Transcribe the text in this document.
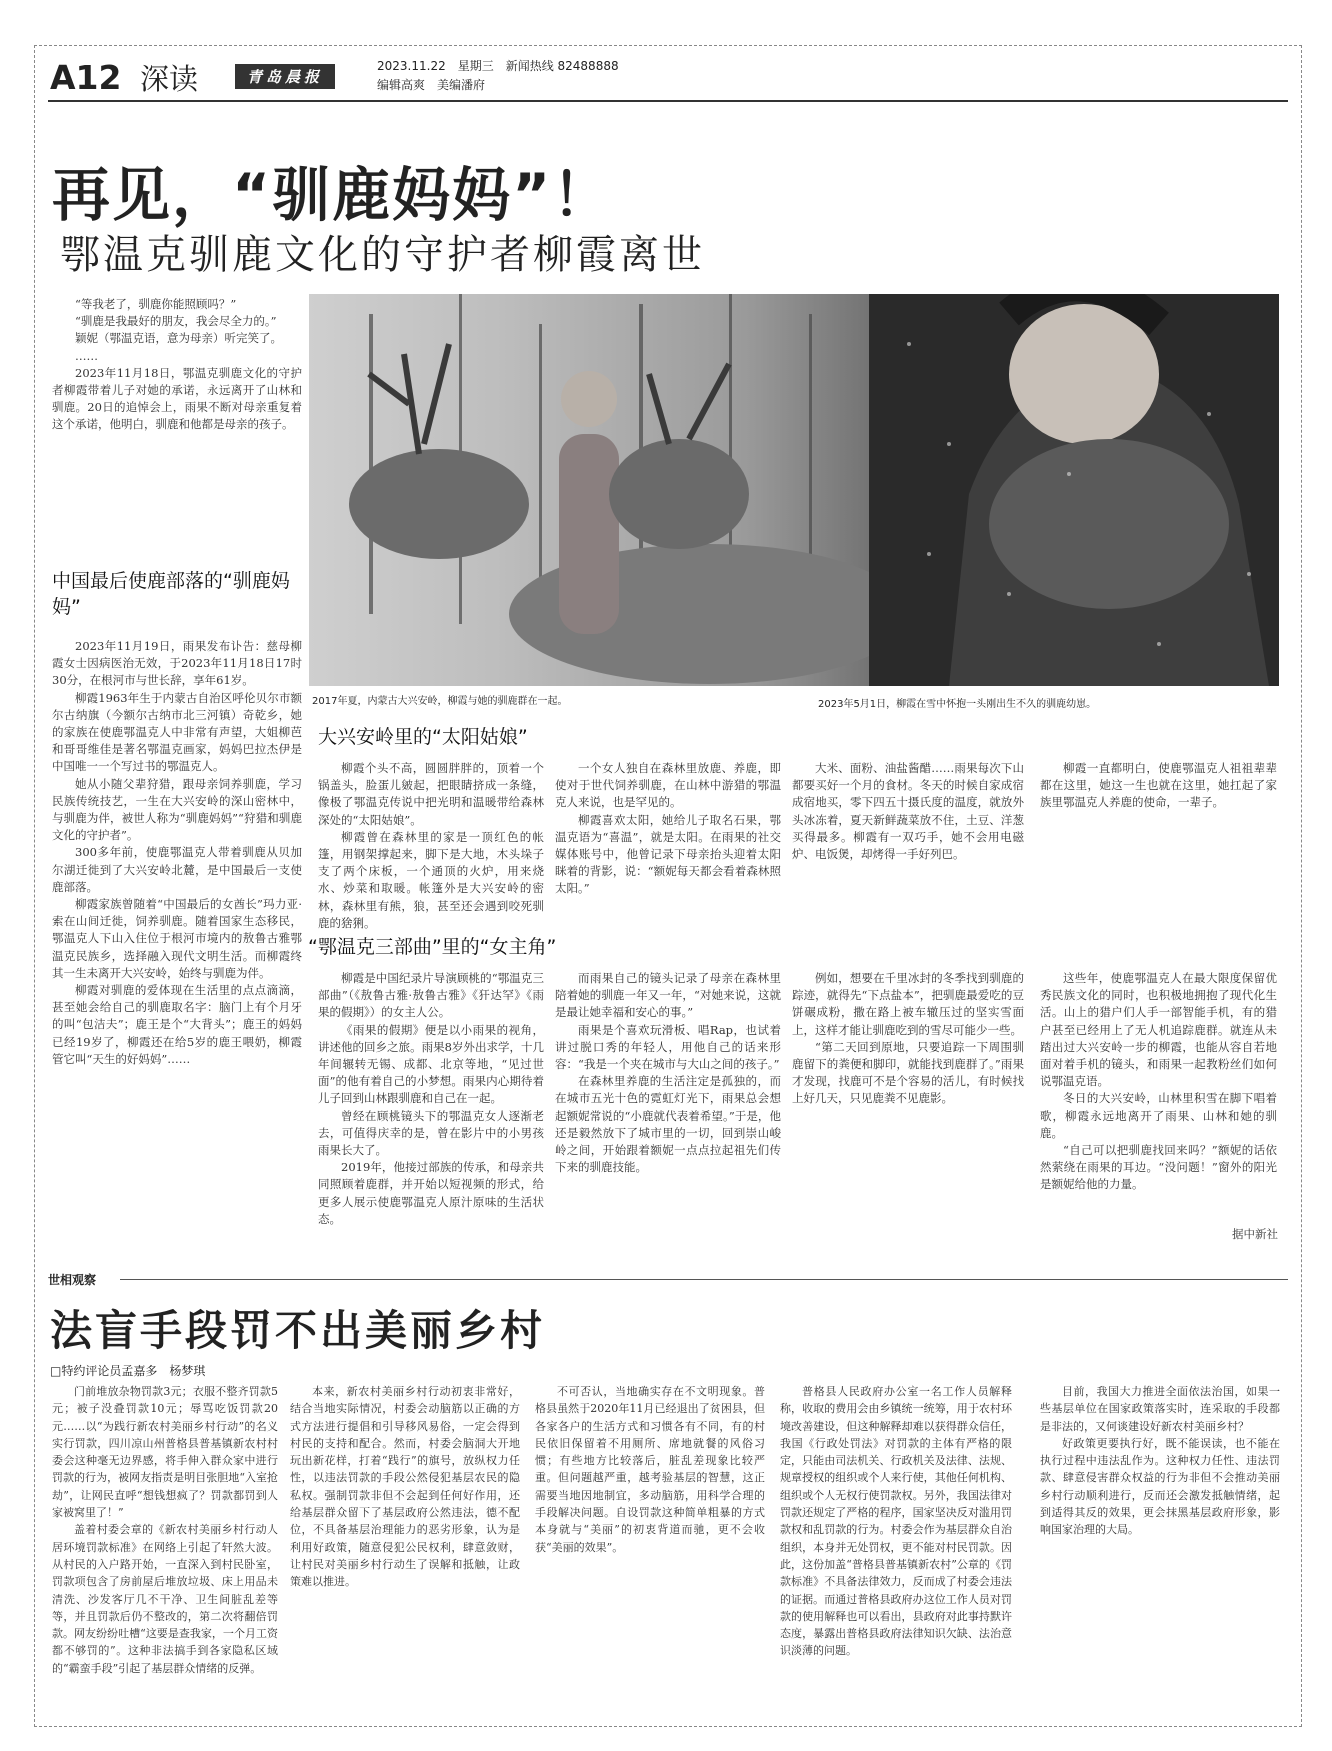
A12 深读	青岛晨报
2023.11.22　星期三　新闻热线 82488888
编辑高爽　美编潘府
再见，“驯鹿妈妈”！
鄂温克驯鹿文化的守护者柳霞离世

“等我老了，驯鹿你能照顾吗？”

“驯鹿是我最好的朋友，我会尽全力的。”

颖妮（鄂温克语，意为母亲）听完笑了。

……

2023年11月18日，鄂温克驯鹿文化的守护者柳霞带着儿子对她的承诺，永远离开了山林和驯鹿。20日的追悼会上，雨果不断对母亲重复着这个承诺，他明白，驯鹿和他都是母亲的孩子。

中国最后使鹿部落的“驯鹿妈妈”

2023年11月19日，雨果发布讣告：慈母柳霞女士因病医治无效，于2023年11月18日17时30分，在根河市与世长辞，享年61岁。

柳霞1963年生于内蒙古自治区呼伦贝尔市额尔古纳旗（今额尔古纳市北三河镇）奇乾乡，她的家族在使鹿鄂温克人中非常有声望，大姐柳芭和哥哥维佳是著名鄂温克画家，妈妈巴拉杰伊是中国唯一一个写过书的鄂温克人。

她从小随父辈狩猎，跟母亲饲养驯鹿，学习民族传统技艺，一生在大兴安岭的深山密林中，与驯鹿为伴，被世人称为“驯鹿妈妈”“狩猎和驯鹿文化的守护者”。

300多年前，使鹿鄂温克人带着驯鹿从贝加尔湖迁徙到了大兴安岭北麓，是中国最后一支使鹿部落。

柳霞家族曾随着“中国最后的女酋长”玛力亚·索在山间迁徙，饲养驯鹿。随着国家生态移民，鄂温克人下山入住位于根河市境内的敖鲁古雅鄂温克民族乡，选择融入现代文明生活。而柳霞终其一生未离开大兴安岭，始终与驯鹿为伴。

柳霞对驯鹿的爱体现在生活里的点点滴滴，甚至她会给自己的驯鹿取名字：脑门上有个月牙的叫“包洁夫”；鹿王是个“大背头”；鹿王的妈妈已经19岁了，柳霞还在给5岁的鹿王喂奶，柳霞管它叫“天生的好妈妈”……

2017年夏，内蒙古大兴安岭，柳霞与她的驯鹿群在一起。	2023年5月1日，柳霞在雪中怀抱一头刚出生不久的驯鹿幼崽。
大兴安岭里的“太阳姑娘”

柳霞个头不高，圆圆胖胖的，顶着一个锅盖头，脸蛋儿皴起，把眼睛挤成一条缝，像极了鄂温克传说中把光明和温暖带给森林深处的“太阳姑娘”。

柳霞曾在森林里的家是一顶红色的帐篷，用钢架撑起来，脚下是大地，木头垛子支了两个床板，一个通顶的火炉，用来烧水、炒菜和取暖。帐篷外是大兴安岭的密林，森林里有熊，狼，甚至还会遇到咬死驯鹿的猞猁。

一个女人独自在森林里放鹿、养鹿，即使对于世代饲养驯鹿，在山林中游猎的鄂温克人来说，也是罕见的。

柳霞喜欢太阳，她给儿子取名石果，鄂温克语为“喜温”，就是太阳。在雨果的社交媒体账号中，他曾记录下母亲抬头迎着太阳眯着的背影，说：“额妮每天都会看着森林照太阳。”

大米、面粉、油盐酱醋……雨果每次下山都要买好一个月的食材。冬天的时候自家成宿成宿地买，零下四五十摄氏度的温度，就放外头冰冻着，夏天新鲜蔬菜放不住，土豆、洋葱买得最多。柳霞有一双巧手，她不会用电磁炉、电饭煲，却烤得一手好列巴。

柳霞一直都明白，使鹿鄂温克人祖祖辈辈都在这里，她这一生也就在这里，她扛起了家族里鄂温克人养鹿的使命，一辈子。

“鄂温克三部曲”里的“女主角”

柳霞是中国纪录片导演顾桃的“鄂温克三部曲”（《敖鲁古雅·敖鲁古雅》《犴达罕》《雨果的假期》）的女主人公。

《雨果的假期》便是以小雨果的视角，讲述他的回乡之旅。雨果8岁外出求学，十几年间辗转无锡、成都、北京等地，“见过世面”的他有着自己的小梦想。雨果内心期待着儿子回到山林跟驯鹿和自己在一起。

曾经在顾桃镜头下的鄂温克女人逐渐老去，可值得庆幸的是，曾在影片中的小男孩雨果长大了。

2019年，他接过部族的传承，和母亲共同照顾着鹿群，并开始以短视频的形式，给更多人展示使鹿鄂温克人原汁原味的生活状态。

而雨果自己的镜头记录了母亲在森林里陪着她的驯鹿一年又一年，“对她来说，这就是最让她幸福和安心的事。”

雨果是个喜欢玩滑板、唱Rap，也试着讲过脱口秀的年轻人，用他自己的话来形容：“我是一个夹在城市与大山之间的孩子。”

在森林里养鹿的生活注定是孤独的，而在城市五光十色的霓虹灯光下，雨果总会想起额妮常说的“小鹿就代表着希望。”于是，他还是毅然放下了城市里的一切，回到崇山峻岭之间，开始跟着额妮一点点拉起祖先们传下来的驯鹿技能。

例如，想要在千里冰封的冬季找到驯鹿的踪迹，就得先“下点盐本”，把驯鹿最爱吃的豆饼碾成粉，撒在路上被车辙压过的坚实雪面上，这样才能让驯鹿吃到的雪尽可能少一些。

“第二天回到原地，只要追踪一下周围驯鹿留下的粪便和脚印，就能找到鹿群了。”雨果才发现，找鹿可不是个容易的活儿，有时候找上好几天，只见鹿粪不见鹿影。

这些年，使鹿鄂温克人在最大限度保留优秀民族文化的同时，也积极地拥抱了现代化生活。山上的猎户们人手一部智能手机，有的猎户甚至已经用上了无人机追踪鹿群。就连从未踏出过大兴安岭一步的柳霞，也能从容自若地面对着手机的镜头，和雨果一起教粉丝们如何说鄂温克语。

冬日的大兴安岭，山林里积雪在脚下唱着歌，柳霞永远地离开了雨果、山林和她的驯鹿。

“自己可以把驯鹿找回来吗？”额妮的话依然萦绕在雨果的耳边。“没问题！”窗外的阳光是额妮给他的力量。

据中新社
世相观察
法盲手段罚不出美丽乡村
□特约评论员孟嘉多　杨梦琪

门前堆放杂物罚款3元；衣服不整齐罚款5元；被子没叠罚款10元；辱骂吃饭罚款20元……以“为践行新农村美丽乡村行动”的名义实行罚款，四川凉山州普格县普基镇新农村村委会这种毫无边界感，将手伸入群众家中进行罚款的行为，被网友指责是明目张胆地“入室抢劫”，让网民直呼“想钱想疯了？罚款都罚到人家被窝里了！”

盖着村委会章的《新农村美丽乡村行动人居环境罚款标准》在网络上引起了轩然大波。从村民的入户路开始，一直深入到村民卧室，罚款项包含了房前屋后堆放垃圾、床上用品未清洗、沙发客厅几不干净、卫生间脏乱差等等，并且罚款后仍不整改的，第二次将翻倍罚款。网友纷纷吐槽“这要是查我家，一个月工资都不够罚的”。这种非法搞手到各家隐私区域的“霸蛮手段”引起了基层群众情绪的反弹。

本来，新农村美丽乡村行动初衷非常好，结合当地实际情况，村委会动脑筋以正确的方式方法进行提倡和引导移风易俗，一定会得到村民的支持和配合。然而，村委会脑洞大开地玩出新花样，打着“践行”的旗号，放纵权力任性，以违法罚款的手段公然侵犯基层农民的隐私权。强制罚款非但不会起到任何好作用，还给基层群众留下了基层政府公然违法，德不配位，不具备基层治理能力的恶劣形象，认为是利用好政策，随意侵犯公民权利，肆意敛财，让村民对美丽乡村行动生了误解和抵触，让政策难以推进。

不可否认，当地确实存在不文明现象。普格县虽然于2020年11月已经退出了贫困县，但各家各户的生活方式和习惯各有不同，有的村民依旧保留着不用厕所、席地就餐的风俗习惯；有些地方比较落后，脏乱差现象比较严重。但问题越严重，越考验基层的智慧，这正需要当地因地制宜，多动脑筋，用科学合理的手段解决问题。自设罚款这种简单粗暴的方式本身就与“美丽”的初衷背道而驰，更不会收获“美丽的效果”。

普格县人民政府办公室一名工作人员解释称，收取的费用会由乡镇统一统筹，用于农村环境改善建设，但这种解释却难以获得群众信任，我国《行政处罚法》对罚款的主体有严格的限定，只能由司法机关、行政机关及法律、法规、规章授权的组织或个人来行使，其他任何机构、组织或个人无权行使罚款权。另外，我国法律对罚款还规定了严格的程序，国家坚决反对滥用罚款权和乱罚款的行为。村委会作为基层群众自治组织，本身并无处罚权，更不能对村民罚款。因此，这份加盖“普格县普基镇新农村”公章的《罚款标准》不具备法律效力，反而成了村委会违法的证据。而通过普格县政府办这位工作人员对罚款的使用解释也可以看出，县政府对此事持默许态度，暴露出普格县政府法律知识欠缺、法治意识淡薄的问题。

目前，我国大力推进全面依法治国，如果一些基层单位在国家政策落实时，连采取的手段都是非法的，又何谈建设好新农村美丽乡村？

好政策更要执行好，既不能误读，也不能在执行过程中违法乱作为。这种权力任性、违法罚款、肆意侵害群众权益的行为非但不会推动美丽乡村行动顺利进行，反而还会激发抵触情绪，起到适得其反的效果，更会抹黑基层政府形象，影响国家治理的大局。
